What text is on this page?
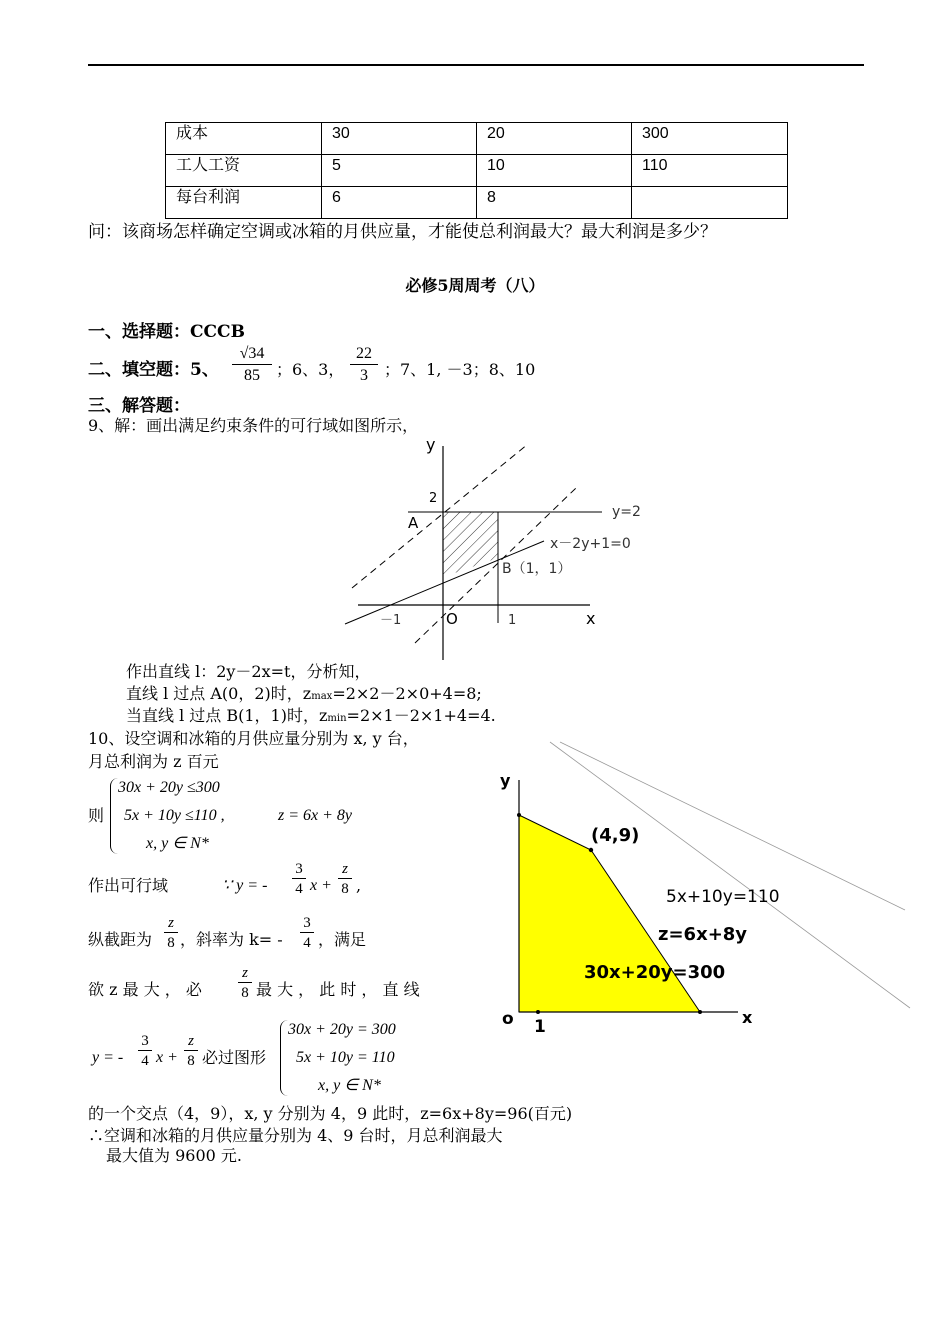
成本	30	20	300
工人工资	5	10	110
每台利润	6	8	
问：该商场怎样确定空调或冰箱的月供应量，才能使总利润最大？最大利润是多少？
必修5周周考（八）
一、选择题：CCCB
二、填空题：5、 $\frac{√34}{85}$ ；6、3， $\frac{22}{3}$ ；7、1, －3；8、10
三、解答题：
9、解：画出满足约束条件的可行域如图所示，
y
x
2
A
y=2
x－2y+1=0
B（1，1）
－1	O	1
作出直线 l：2y－2x=t，分析知，
直线 l 过点 A(0，2)时，zmax=2×2－2×0+4=8;
当直线 l 过点 B(1，1)时，zmin=2×1－2×1+4=4.
10、设空调和冰箱的月供应量分别为 x, y 台，
月总利润为 z 百元
则
30x + 20y ≤300
5x + 10y ≤110 ,
x, y ∈ N*
z = 6x + 8y
作出可行域	∵ y = - $\frac{3}{4}$ $x + \frac{z}{8}$ ,
纵截距为 $\frac{z}{8}$ ，斜率为 $k= - \frac{3}{4}$ ，满足
欲 z 最 大 ， 必 $\frac{z}{8}$ 最 大 ， 此 时 ， 直 线
y = - $\frac{3}{4}$ $x + \frac{z}{8}$ 必过图形
30x + 20y = 300
5x + 10y = 110
x, y ∈ N*
的一个交点（4，9），x, y 分别为 4，9 此时，z=6x+8y=96(百元)
∴空调和冰箱的月供应量分别为 4、9 台时，月总利润最大
最大值为 9600 元.
y
x
o 1
(4,9)
5x+10y=110
z=6x+8y
30x+20y=300
